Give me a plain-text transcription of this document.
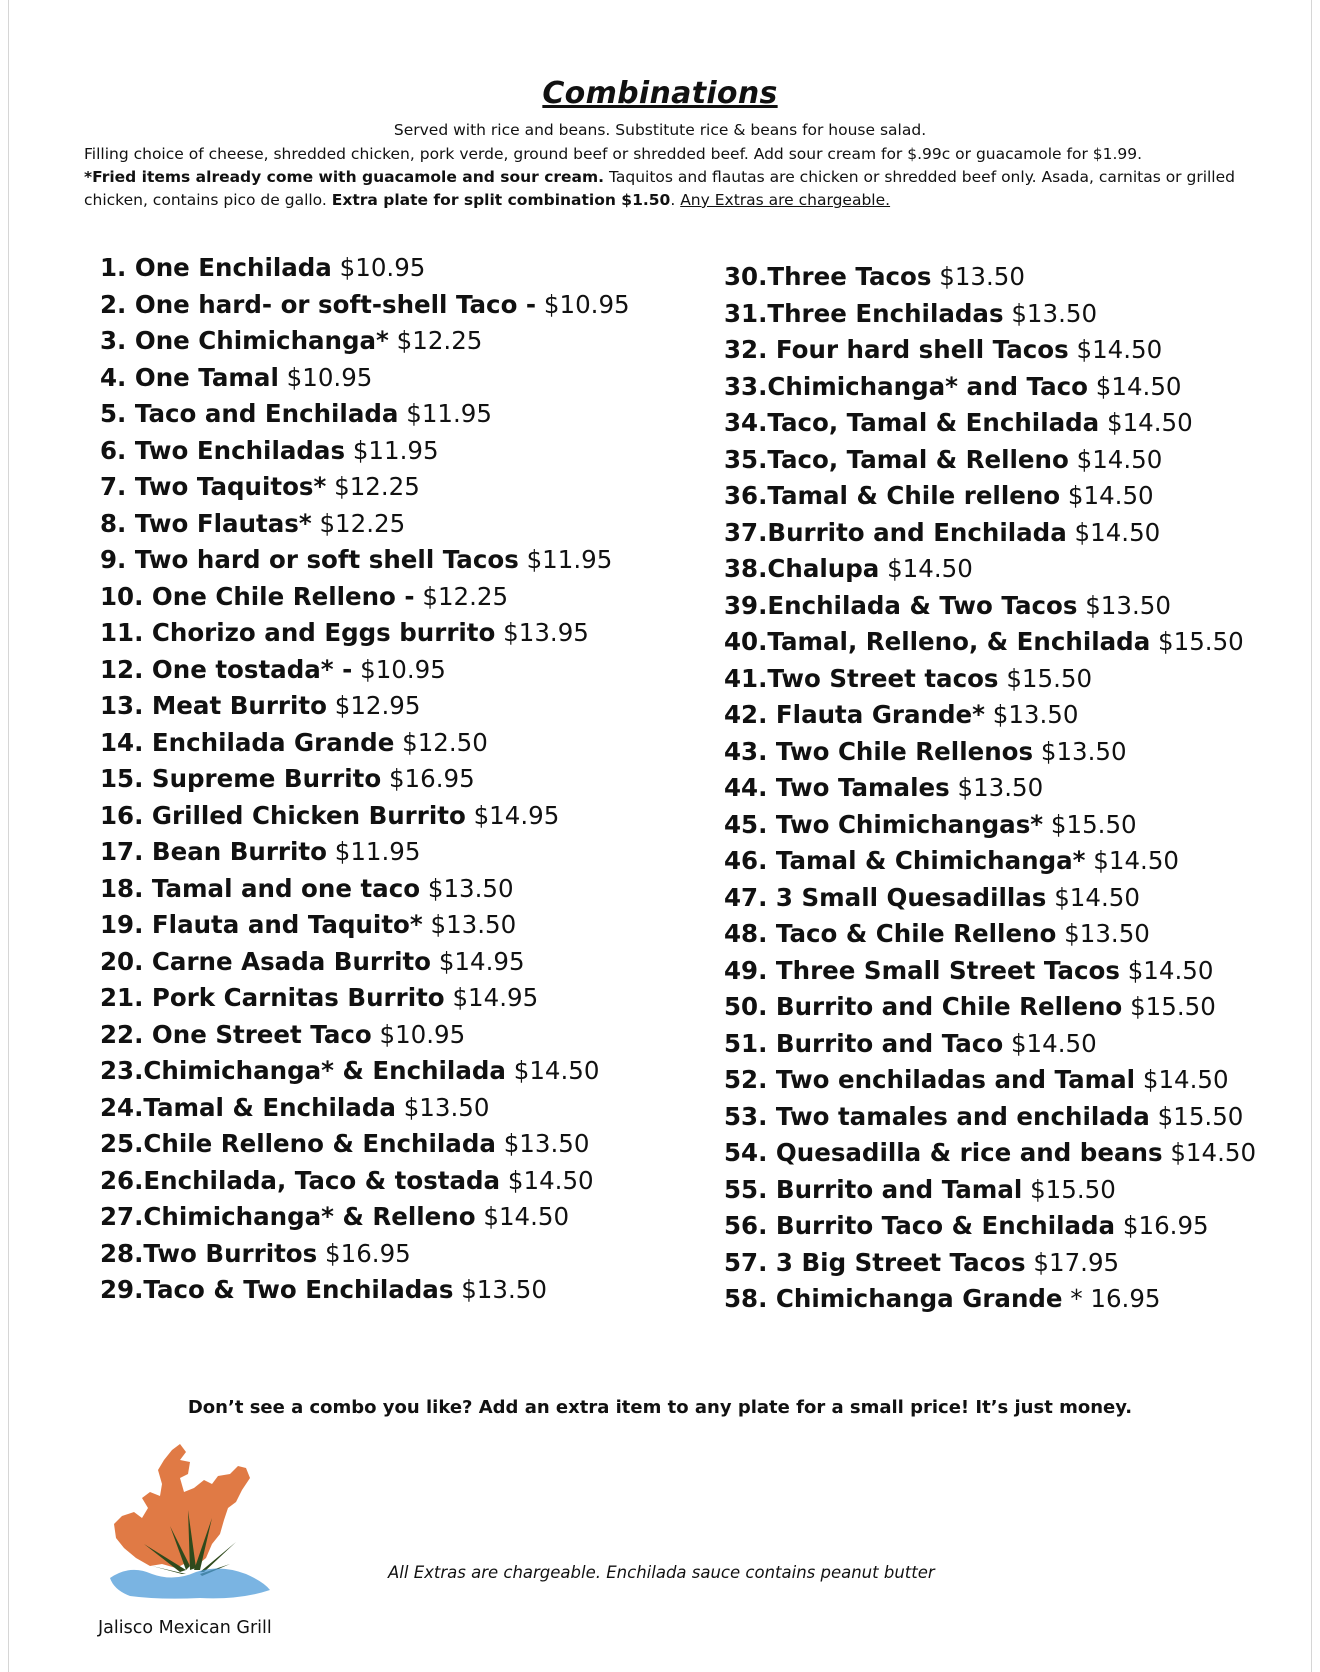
Combinations
Served with rice and beans. Substitute rice & beans for house salad.
Filling choice of cheese, shredded chicken, pork verde, ground beef or shredded beef. Add sour cream for $.99c or guacamole for $1.99.
*Fried items already come with guacamole and sour cream. Taquitos and flautas are chicken or shredded beef only. Asada, carnitas or grilled chicken, contains pico de gallo. Extra plate for split combination $1.50. Any Extras are chargeable.
1. One Enchilada $10.95
2. One hard- or soft-shell Taco - $10.95
3. One Chimichanga* $12.25
4. One Tamal $10.95
5. Taco and Enchilada $11.95
6. Two Enchiladas $11.95
7. Two Taquitos* $12.25
8. Two Flautas* $12.25
9. Two hard or soft shell Tacos $11.95
10. One Chile Relleno - $12.25
11. Chorizo and Eggs burrito $13.95
12. One tostada* - $10.95
13. Meat Burrito $12.95
14. Enchilada Grande $12.50
15. Supreme Burrito $16.95
16. Grilled Chicken Burrito $14.95
17. Bean Burrito $11.95
18. Tamal and one taco $13.50
19. Flauta and Taquito* $13.50
20. Carne Asada Burrito $14.95
21. Pork Carnitas Burrito $14.95
22. One Street Taco $10.95
23.Chimichanga* & Enchilada $14.50
24.Tamal & Enchilada $13.50
25.Chile Relleno & Enchilada $13.50
26.Enchilada, Taco & tostada $14.50
27.Chimichanga* & Relleno $14.50
28.Two Burritos $16.95
29.Taco & Two Enchiladas $13.50
30.Three Tacos $13.50
31.Three Enchiladas $13.50
32. Four hard shell Tacos $14.50
33.Chimichanga* and Taco $14.50
34.Taco, Tamal & Enchilada $14.50
35.Taco, Tamal & Relleno $14.50
36.Tamal & Chile relleno $14.50
37.Burrito and Enchilada $14.50
38.Chalupa $14.50
39.Enchilada & Two Tacos $13.50
40.Tamal, Relleno, & Enchilada $15.50
41.Two Street tacos $15.50
42. Flauta Grande* $13.50
43. Two Chile Rellenos $13.50
44. Two Tamales $13.50
45. Two Chimichangas* $15.50
46. Tamal & Chimichanga* $14.50
47. 3 Small Quesadillas $14.50
48. Taco & Chile Relleno $13.50
49. Three Small Street Tacos $14.50
50. Burrito and Chile Relleno $15.50
51. Burrito and Taco $14.50
52. Two enchiladas and Tamal $14.50
53. Two tamales and enchilada $15.50
54. Quesadilla & rice and beans $14.50
55. Burrito and Tamal $15.50
56. Burrito Taco & Enchilada $16.95
57. 3 Big Street Tacos $17.95
58. Chimichanga Grande * 16.95
Don’t see a combo you like? Add an extra item to any plate for a small price! It’s just money.
Jalisco Mexican Grill
All Extras are chargeable. Enchilada sauce contains peanut butter
